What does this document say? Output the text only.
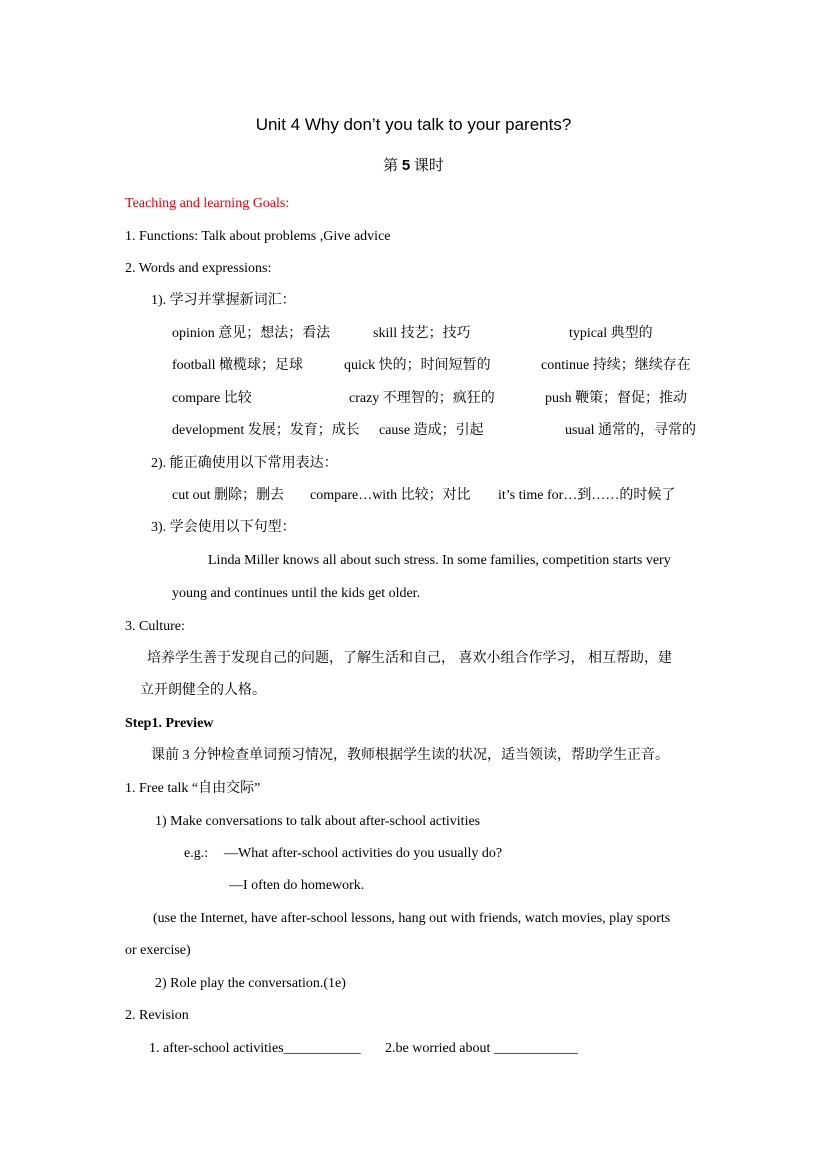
Unit 4 Why don’t you talk to your parents?
第 5 课时
Teaching and learning Goals:
1. Functions: Talk about problems ,Give advice
2. Words and expressions:
1). 学习并掌握新词汇：
opinion 意见；想法；看法	skill 技艺；技巧	typical 典型的
football 橄榄球；足球	quick 快的；时间短暂的	continue 持续；继续存在
compare 比较	crazy 不理智的；疯狂的	push 鞭策；督促；推动
development 发展；发育；成长 cause 造成；引起	usual 通常的，寻常的
2). 能正确使用以下常用表达：
cut out 删除；删去 compare…with 比较；对比 it’s time for…到……的时候了
3). 学会使用以下句型：
Linda Miller knows all about such stress. In some families, competition starts very
young and continues until the kids get older.
3. Culture:
培养学生善于发现自己的问题，了解生活和自己， 喜欢小组合作学习， 相互帮助，建
立开朗健全的人格。
Step1. Preview
课前 3 分钟检查单词预习情况，教师根据学生读的状况，适当领读，帮助学生正音。
1. Free talk “自由交际”
1) Make conversations to talk about after-school activities
e.g.: —What after-school activities do you usually do?
—I often do homework.
(use the Internet, have after-school lessons, hang out with friends, watch movies, play sports
or exercise)
2) Role play the conversation.(1e)
2. Revision
1. after-school activities___________ 2.be worried about ____________
